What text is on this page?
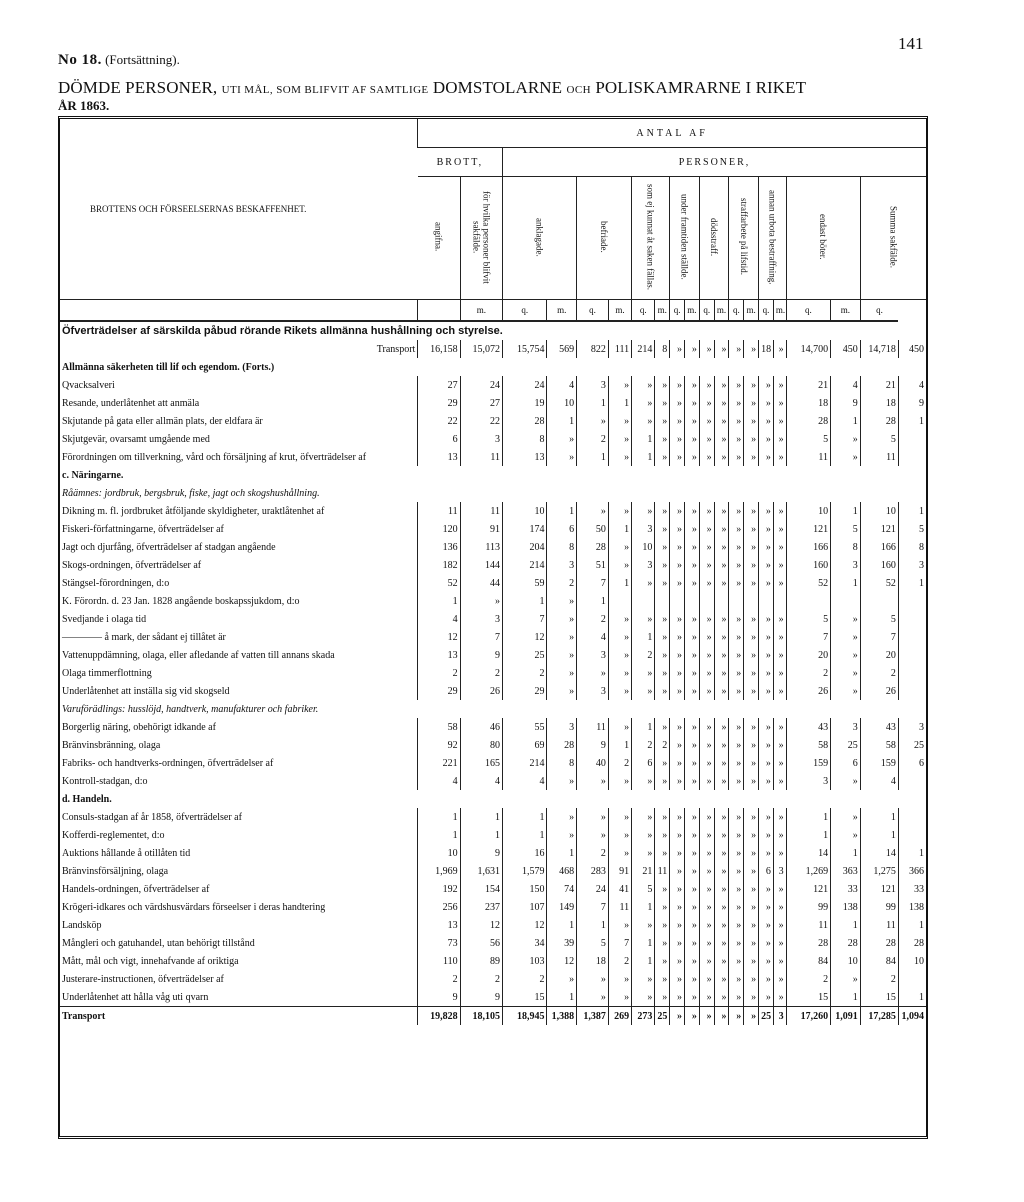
141
No 18. (Fortsättning).
DÖMDE PERSONER, UTI MÅL, SOM BLIFVIT AF SAMTLIGE DOMSTOLARNE OCH POLISKAMRARNE I RIKET
ÅR 1863.
BROTTENS OCH FÖRSEELSERNAS BESKAFFENHET.	ANTAL AF																			
	BROTT,		PERSONER,																	
	angifna.	för hvilka personer blifvit sakfälde.	anklagade.		befriade.		som ej kunnat åt saken fällas.		under framtiden ställde.		dödsstraff.		straffarbete på lifstid.		annan urbota bestraffning.		endast böter.		Summa sakfälde.	
		m.	q.	m.	q.	m.	q.	m.	q.	m.	q.	m.	q.	m.	q.	m.	q.	m.	q.	
Öfverträdelser af särskilda påbud rörande Rikets allmänna hushållning och styrelse.																				
Transport	16,158	15,072	15,754	569	822	111	214	8	»	»	»	»	»	»	18	»	14,700	450	14,718	450
Allmänna säkerheten till lif och egendom. (Forts.)																				
Qvacksalveri	27	24	24	4	3	»	»	»	»	»	»	»	»	»	»	»	21	4	21	4
Resande, underlåtenhet att anmäla	29	27	19	10	1	1	»	»	»	»	»	»	»	»	»	»	18	9	18	9
Skjutande på gata eller allmän plats, der eldfara är	22	22	28	1	»	»	»	»	»	»	»	»	»	»	»	»	28	1	28	1
Skjutgevär, ovarsamt umgående med	6	3	8	»	2	»	1	»	»	»	»	»	»	»	»	»	5	»	5	
Förordningen om tillverkning, vård och försäljning af krut, öfverträdelser af	13	11	13	»	1	»	1	»	»	»	»	»	»	»	»	»	11	»	11	
c. Näringarne.																				
Råämnes: jordbruk, bergsbruk, fiske, jagt och skogshushållning.																				
Dikning m. fl. jordbruket åtföljande skyldigheter, uraktlåtenhet af	11	11	10	1	»	»	»	»	»	»	»	»	»	»	»	»	10	1	10	1
Fiskeri-författningarne, öfverträdelser af	120	91	174	6	50	1	3	»	»	»	»	»	»	»	»	»	121	5	121	5
Jagt och djurfång, öfverträdelser af stadgan angående	136	113	204	8	28	»	10	»	»	»	»	»	»	»	»	»	166	8	166	8
Skogs-ordningen, öfverträdelser af	182	144	214	3	51	»	3	»	»	»	»	»	»	»	»	»	160	3	160	3
Stängsel-förordningen, d:o	52	44	59	2	7	1	»	»	»	»	»	»	»	»	»	»	52	1	52	1
K. Förordn. d. 23 Jan. 1828 angående boskapssjukdom, d:o	1	»	1	»	1															
Svedjande i olaga tid	4	3	7	»	2	»	»	»	»	»	»	»	»	»	»	»	5	»	5	
———— å mark, der sådant ej tillåtet är	12	7	12	»	4	»	1	»	»	»	»	»	»	»	»	»	7	»	7	
Vattenuppdämning, olaga, eller afledande af vatten till annans skada	13	9	25	»	3	»	2	»	»	»	»	»	»	»	»	»	20	»	20	
Olaga timmerflottning	2	2	2	»	»	»	»	»	»	»	»	»	»	»	»	»	2	»	2	
Underlåtenhet att inställa sig vid skogseld	29	26	29	»	3	»	»	»	»	»	»	»	»	»	»	»	26	»	26	
Varuförädlings: husslöjd, handtverk, manufakturer och fabriker.																				
Borgerlig näring, obehörigt idkande af	58	46	55	3	11	»	1	»	»	»	»	»	»	»	»	»	43	3	43	3
Bränvinsbränning, olaga	92	80	69	28	9	1	2	2	»	»	»	»	»	»	»	»	58	25	58	25
Fabriks- och handtverks-ordningen, öfverträdelser af	221	165	214	8	40	2	6	»	»	»	»	»	»	»	»	»	159	6	159	6
Kontroll-stadgan, d:o	4	4	4	»	»	»	»	»	»	»	»	»	»	»	»	»	3	»	4	
d. Handeln.																				
Consuls-stadgan af år 1858, öfverträdelser af	1	1	1	»	»	»	»	»	»	»	»	»	»	»	»	»	1	»	1	
Kofferdi-reglementet, d:o	1	1	1	»	»	»	»	»	»	»	»	»	»	»	»	»	1	»	1	
Auktions hållande å otillåten tid	10	9	16	1	2	»	»	»	»	»	»	»	»	»	»	»	14	1	14	1
Bränvinsförsäljning, olaga	1,969	1,631	1,579	468	283	91	21	11	»	»	»	»	»	»	6	3	1,269	363	1,275	366
Handels-ordningen, öfverträdelser af	192	154	150	74	24	41	5	»	»	»	»	»	»	»	»	»	121	33	121	33
Krögeri-idkares och värdshusvärdars förseelser i deras handtering	256	237	107	149	7	11	1	»	»	»	»	»	»	»	»	»	99	138	99	138
Landsköp	13	12	12	1	1	»	»	»	»	»	»	»	»	»	»	»	11	1	11	1
Mångleri och gatuhandel, utan behörigt tillstånd	73	56	34	39	5	7	1	»	»	»	»	»	»	»	»	»	28	28	28	28
Mått, mål och vigt, innehafvande af oriktiga	110	89	103	12	18	2	1	»	»	»	»	»	»	»	»	»	84	10	84	10
Justerare-instructionen, öfverträdelser af	2	2	2	»	»	»	»	»	»	»	»	»	»	»	»	»	2	»	2	
Underlåtenhet att hålla våg uti qvarn	9	9	15	1	»	»	»	»	»	»	»	»	»	»	»	»	15	1	15	1
Transport	19,828	18,105	18,945	1,388	1,387	269	273	25	»	»	»	»	»	»	25	3	17,260	1,091	17,285	1,094
